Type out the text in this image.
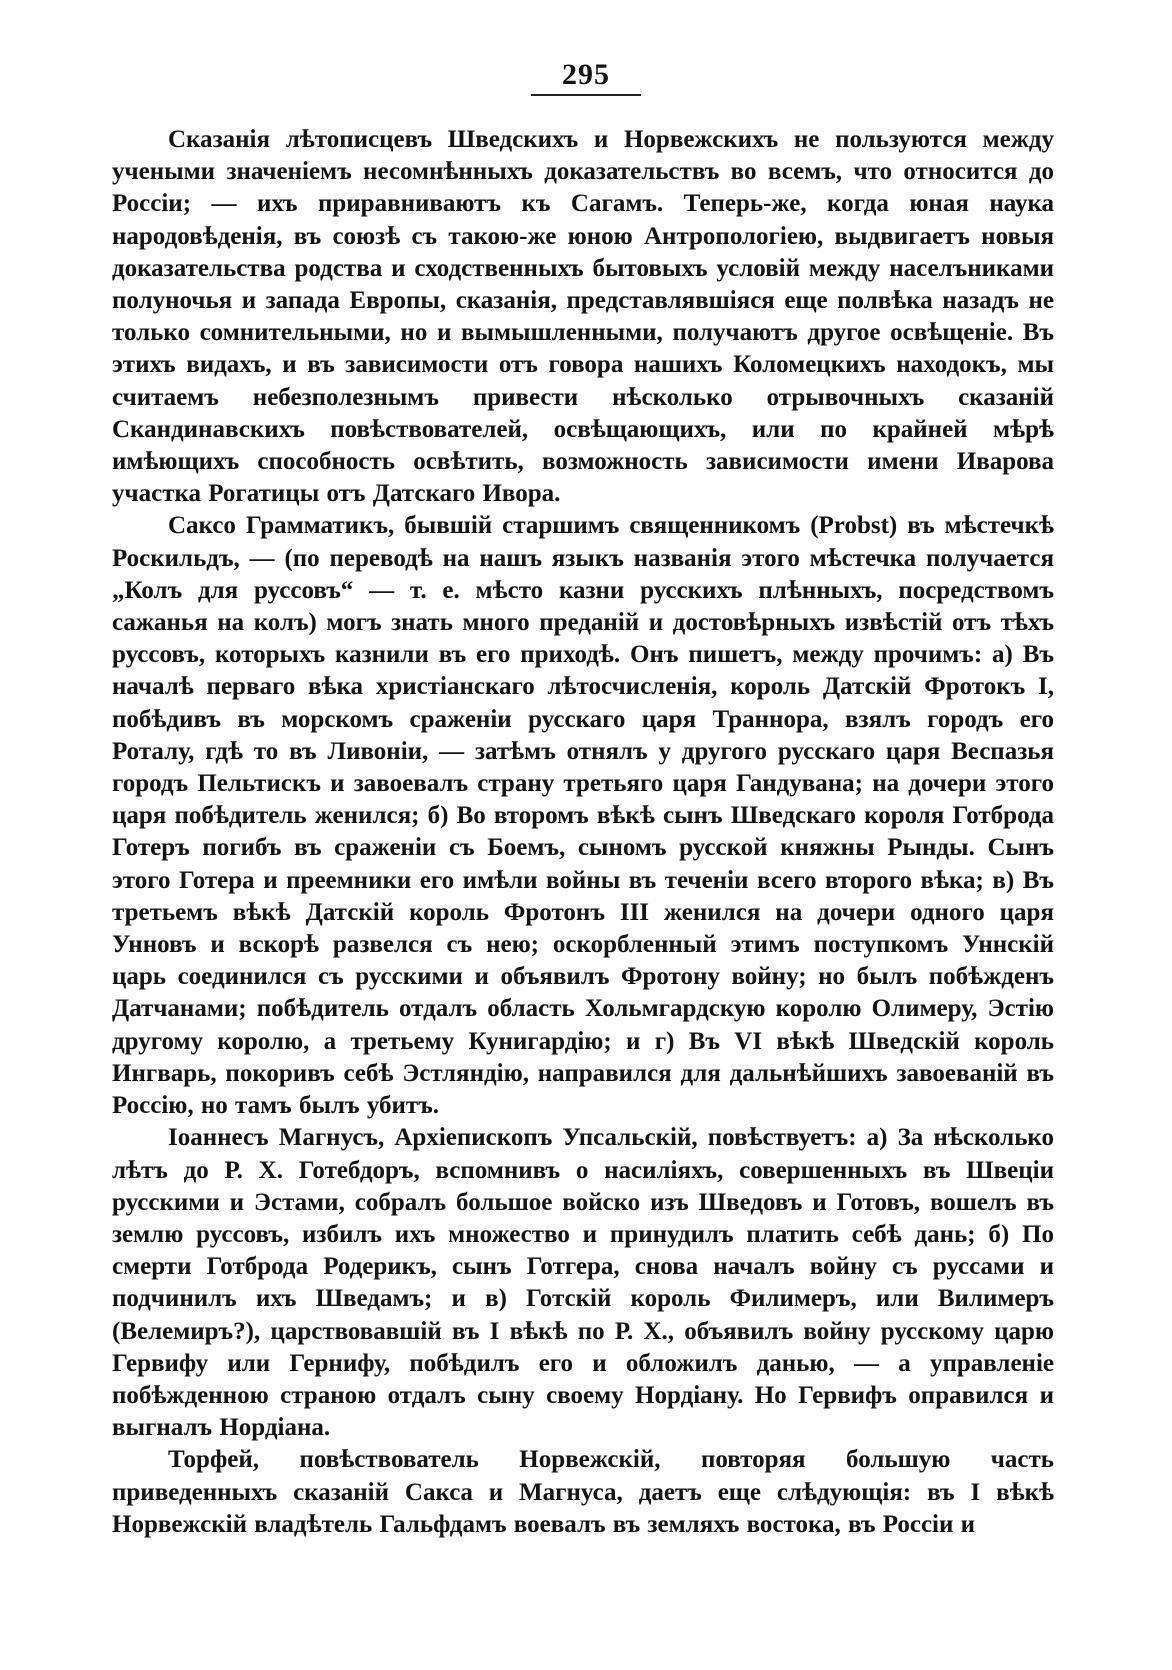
295

Сказанія лѣтописцевъ Шведскихъ и Норвежскихъ не пользуются между учеными значеніемъ несомнѣнныхъ доказательствъ во всемъ, что относится до Россіи; — ихъ приравниваютъ къ Сагамъ. Теперь-же, когда юная наука народовѣденія, въ союзѣ съ такою-же юною Антропологіею, выдвигаетъ новыя доказательства родства и сходственныхъ бытовыхъ условій между населъниками полуночья и запада Европы, сказанія, представлявшіяся еще полвѣка назадъ не только сомнительными, но и вымышленными, получаютъ другое освѣщеніе. Въ этихъ видахъ, и въ зависимости отъ говора нашихъ Коломецкихъ находокъ, мы считаемъ небезполезнымъ привести нѣсколько отрывочныхъ сказаній Скандинавскихъ повѣствователей, освѣщающихъ, или по крайней мѣрѣ имѣющихъ способность освѣтить, возможность зависимости имени Иварова участка Рогатицы отъ Датскаго Ивора.

Саксо Грамматикъ, бывшій старшимъ священникомъ (Probst) въ мѣстечкѣ Роскильдъ, — (по переводѣ на нашъ языкъ названія этого мѣстечка получается „Колъ для руссовъ“ — т. е. мѣсто казни русскихъ плѣнныхъ, посредствомъ сажанья на колъ) могъ знать много преданій и достовѣрныхъ извѣстій отъ тѣхъ руссовъ, которыхъ казнили въ его приходѣ. Онъ пишетъ, между прочимъ: а) Въ началѣ перваго вѣка христіанскаго лѣтосчисленія, король Датскій Фротокъ I, побѣдивъ въ морскомъ сраженіи русскаго царя Траннора, взялъ городъ его Роталу, гдѣ то въ Ливоніи, — затѣмъ отнялъ у другого русскаго царя Веспазья городъ Пельтискъ и завоевалъ страну третьяго царя Гандувана; на дочери этого царя побѣдитель женился; б) Во второмъ вѣкѣ сынъ Шведскаго короля Готброда Готеръ погибъ въ сраженіи съ Боемъ, сыномъ русской княжны Рынды. Сынъ этого Готера и преемники его имѣли войны въ теченіи всего второго вѣка; в) Въ третьемъ вѣкѣ Датскій король Фротонъ III женился на дочери одного царя Унновъ и вскорѣ развелся съ нею; оскорбленный этимъ поступкомъ Уннскій царь соединился съ русскими и объявилъ Фротону войну; но былъ побѣжденъ Датчанами; побѣдитель отдалъ область Хольмгардскую королю Олимеру, Эстію другому королю, а третьему Кунигардію; и г) Въ VI вѣкѣ Шведскій король Ингварь, покоривъ себѣ Эстляндію, направился для дальнѣйшихъ завоеваній въ Россію, но тамъ былъ убитъ.

Іоаннесъ Магнусъ, Архіепископъ Упсальскій, повѣствуетъ: а) За нѣсколько лѣтъ до Р. Х. Готебдоръ, вспомнивъ о насиліяхъ, совершенныхъ въ Швеціи русскими и Эстами, собралъ большое войско изъ Шведовъ и Готовъ, вошелъ въ землю руссовъ, избилъ ихъ множество и принудилъ платить себѣ дань; б) По смерти Готброда Родерикъ, сынъ Готгера, снова началъ войну съ руссами и подчинилъ ихъ Шведамъ; и в) Готскій король Филимеръ, или Вилимеръ (Велемиръ?), царствовавшій въ I вѣкѣ по Р. Х., объявилъ войну русскому царю Гервифу или Гернифу, побѣдилъ его и обложилъ данью, — а управленіе побѣжденною страною отдалъ сыну своему Нордіану. Но Гервифъ оправился и выгналъ Нордіана.

Торфей, повѣствователь Норвежскій, повторяя большую часть приведенныхъ сказаній Саксa и Магнуса, даетъ еще слѣдующія: въ I вѣкѣ Норвежскій владѣтель Гальфдамъ воевалъ въ земляхъ востока, въ Россіи и
